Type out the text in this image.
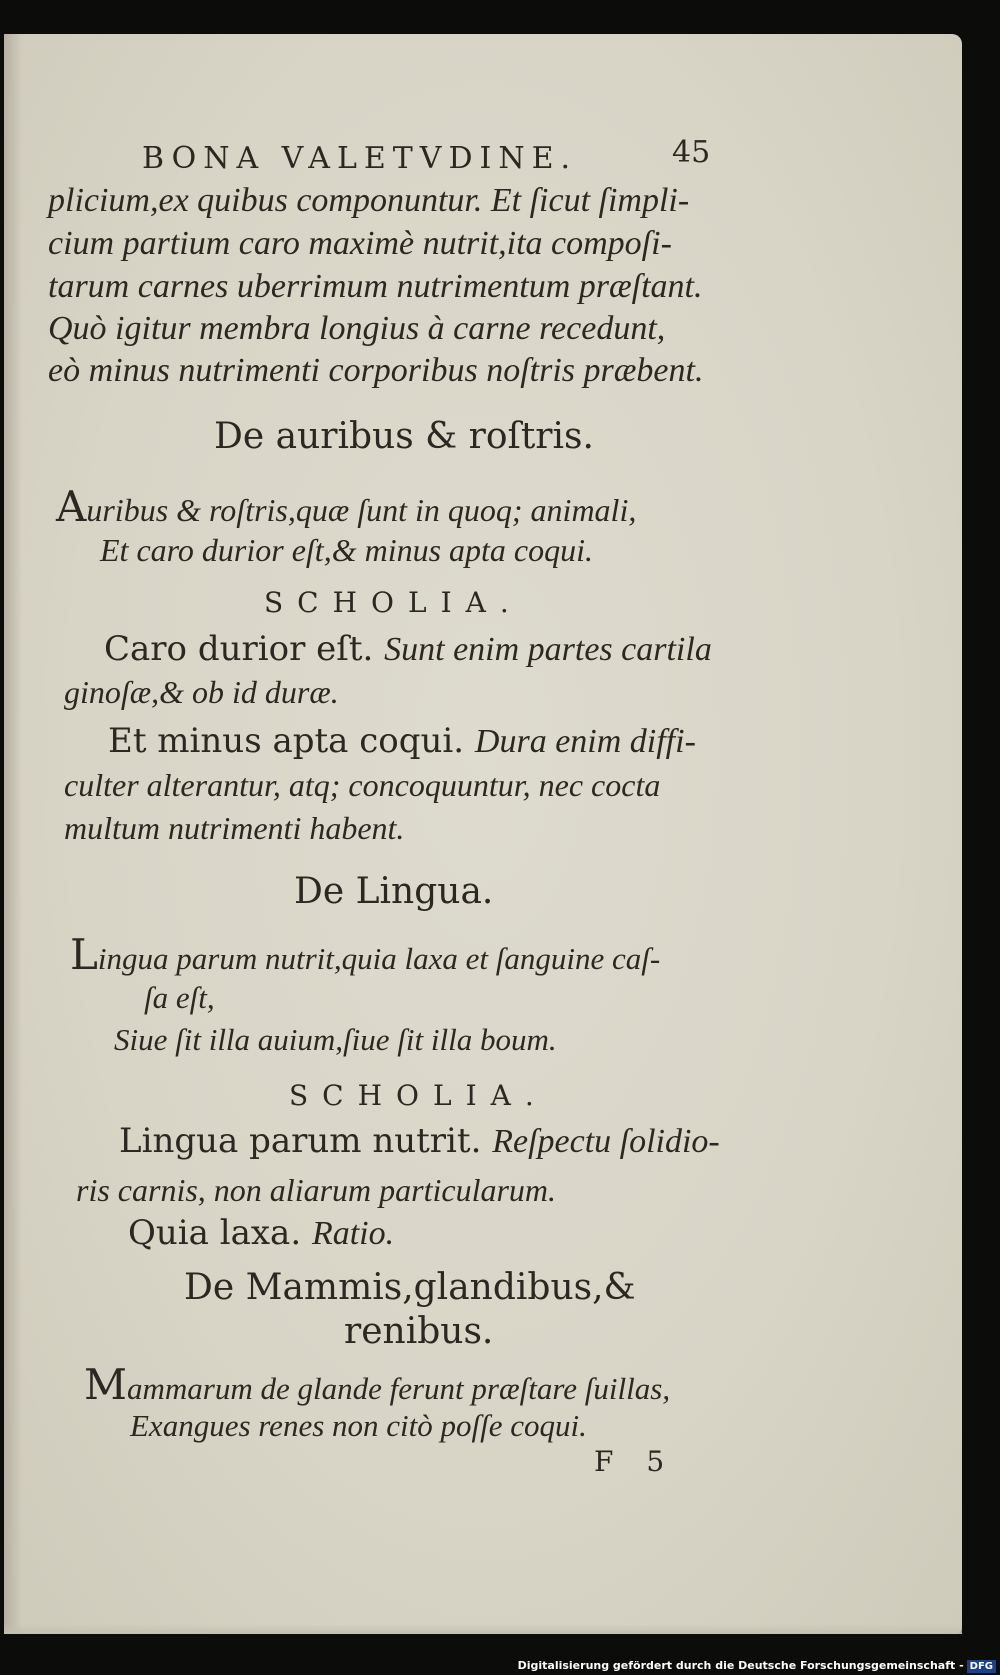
BONA VALETVDINE.	45
plicium,ex quibus componuntur. Et ſicut ſimpli-
cium partium caro maximè nutrit,ita compoſi-
tarum carnes uberrimum nutrimentum præſtant.
Quò igitur membra longius à carne recedunt,
eò minus nutrimenti corporibus noſtris præbent.
De auribus & roſtris.
Auribus & roſtris,quæ ſunt in quoq; animali,
Et caro durior eſt,& minus apta coqui.
SCHOLIA.
Caro durior eſt. Sunt enim partes cartila
ginoſæ,& ob id duræ.
Et minus apta coqui. Dura enim diffi-
culter alterantur, atq; concoquuntur, nec cocta
multum nutrimenti habent.
De Lingua.
Lingua parum nutrit,quia laxa et ſanguine caſ-
ſa eſt,
Siue ſit illa auium,ſiue ſit illa boum.
SCHOLIA.
Lingua parum nutrit. Reſpectu ſolidio-
ris carnis, non aliarum particularum.
Quia laxa. Ratio.
De Mammis,glandibus,&
renibus.
Mammarum de glande ferunt præſtare ſuillas,
Exangues renes non citò poſſe coqui.
F 5
Digitalisierung gefördert durch die Deutsche Forschungsgemeinschaft - DFG
